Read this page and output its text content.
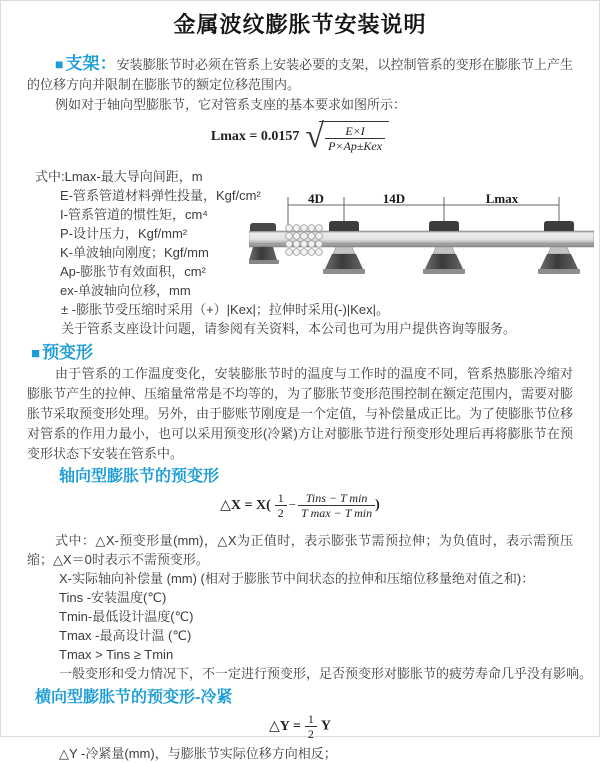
金属波纹膨胀节安装说明

■ 支架：安装膨胀节时必须在管系上安装必要的支架，以控制管系的变形在膨胀节上产生的位移方向并限制在膨胀节的额定位移范围内。

例如对于轴向型膨胀节，它对管系支座的基本要求如图所示：

Lmax = 0.0157 √ $\frac{E\times I}{\text{P×Ap±Kex}}$

式中:Lmax-最大导向间距，m

E-管系管道材料弹性投量，Kgf/cm²

I-管系管道的惯性矩，cm⁴

P-设计压力，Kgf/mm²

K-单波轴向刚度；Kgf/mm

Ap-膨胀节有效面积，cm²

ex-单波轴向位移，mm

4D	14D	Lmax

± -膨胀节受压缩时采用（+）|Kex|；拉伸时采用(-)|Kex|。

关于管系支座设计问题，请参阅有关资料，本公司也可为用户提供咨询等服务。

■ 预变形

由于管系的工作温度变化，安装膨胀节时的温度与工作时的温度不同，管系热膨胀冷缩对膨胀节产生的拉伸、压缩量常常是不均等的，为了膨胀节变形范围控制在额定范围内，需要对膨胀节采取预变形处理。另外，由于膨账节刚度是一个定值，与补偿量成正比。为了使膨胀节位移对管系的作用力最小，也可以采用预变形(冷紧)方让对膨胀节进行预变形处理后再将膨胀节在预变形状态下安装在管系中。

轴向型膨胀节的预变形
△X = $X( \frac{1}{2} - \frac{\text{Tins − T min}}{\text{T max − T min}}$ )

式中：△X-预变形量(mm)，△X为正值时，表示膨张节需预拉伸；为负值时，表示需预压缩；△X＝0时表示不需预变形。

X-实际轴向补偿量 (mm) (相对于膨胀节中间状态的拉伸和压缩位移量绝对值之和)：

Tins -安装温度(℃)

Tmin-最低设计温度(℃)

Tmax -最高设计温 (℃)

Tmax > Tins ≥ Tmin

一般变形和受力情况下，不一定进行预变形，足否预变形对膨胀节的疲劳寿命几乎没有影响。

横向型膨胀节的预变形-冷紧
△Y = $\frac{1}{2}$ Y

△Y -冷紧量(mm)，与膨胀节实际位移方向相反；
